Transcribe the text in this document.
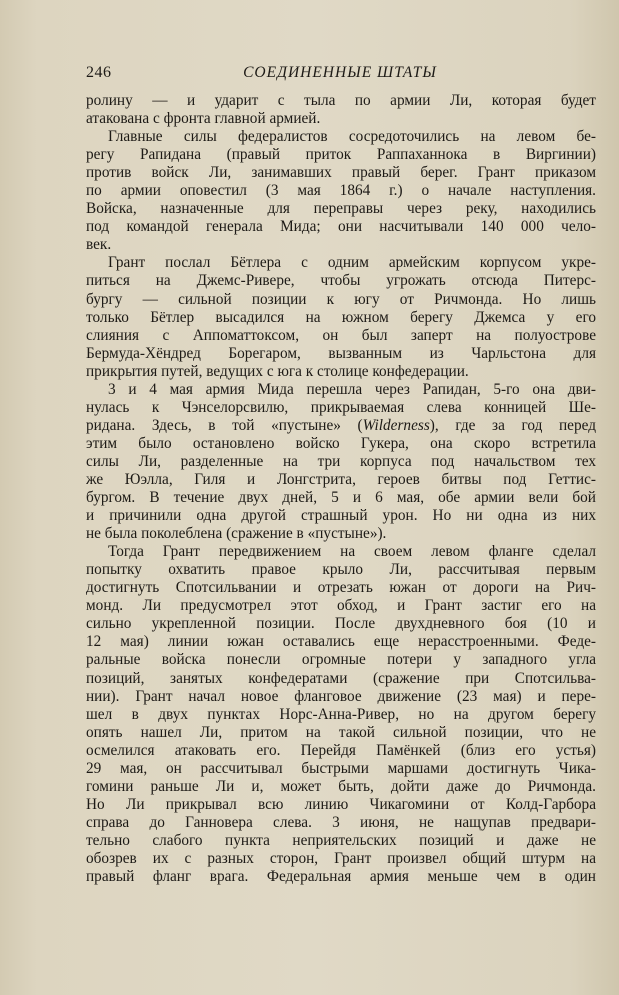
246	СОЕДИНЕННЫЕ ШТАТЫ
ролину — и ударит с тыла по армии Ли, которая будет
атакована с фронта главной армией.
Главные силы федералистов сосредоточились на левом бе-
регу Рапидана (правый приток Раппаханнока в Виргинии)
против войск Ли, занимавших правый берег. Грант приказом
по армии оповестил (3 мая 1864 г.) о начале наступления.
Войска, назначенные для переправы через реку, находились
под командой генерала Мида; они насчитывали 140 000 чело-
век.
Грант послал Бётлера с одним армейским корпусом укре-
питься на Джемс-Ривере, чтобы угрожать отсюда Питерс-
бургу — сильной позиции к югу от Ричмонда. Но лишь
только Бётлер высадился на южном берегу Джемса у его
слияния с Аппоматтоксом, он был заперт на полуострове
Бермуда-Хёндред Борегаром, вызванным из Чарльстона для
прикрытия путей, ведущих с юга к столице конфедерации.
3 и 4 мая армия Мида перешла через Рапидан, 5-го она дви-
нулась к Чэнселорсвилю, прикрываемая слева конницей Ше-
ридана. Здесь, в той «пустыне» (Wilderness), где за год перед
этим было остановлено войско Гукера, она скоро встретила
силы Ли, разделенные на три корпуса под начальством тех
же Юэлла, Гиля и Лонгстрита, героев битвы под Геттис-
бургом. В течение двух дней, 5 и 6 мая, обе армии вели бой
и причинили одна другой страшный урон. Но ни одна из них
не была поколеблена (сражение в «пустыне»).
Тогда Грант передвижением на своем левом фланге сделал
попытку охватить правое крыло Ли, рассчитывая первым
достигнуть Спотсильвании и отрезать южан от дороги на Рич-
монд. Ли предусмотрел этот обход, и Грант застиг его на
сильно укрепленной позиции. После двухдневного боя (10 и
12 мая) линии южан оставались еще нерасстроенными. Феде-
ральные войска понесли огромные потери у западного угла
позиций, занятых конфедератами (сражение при Спотсильва-
нии). Грант начал новое фланговое движение (23 мая) и пере-
шел в двух пунктах Норс-Анна-Ривер, но на другом берегу
опять нашел Ли, притом на такой сильной позиции, что не
осмелился атаковать его. Перейдя Памёнкей (близ его устья)
29 мая, он рассчитывал быстрыми маршами достигнуть Чика-
гомини раньше Ли и, может быть, дойти даже до Ричмонда.
Но Ли прикрывал всю линию Чикагомини от Колд-Гарбора
справа до Ганновера слева. 3 июня, не нащупав предвари-
тельно слабого пункта неприятельских позиций и даже не
обозрев их с разных сторон, Грант произвел общий штурм на
правый фланг врага. Федеральная армия меньше чем в один
